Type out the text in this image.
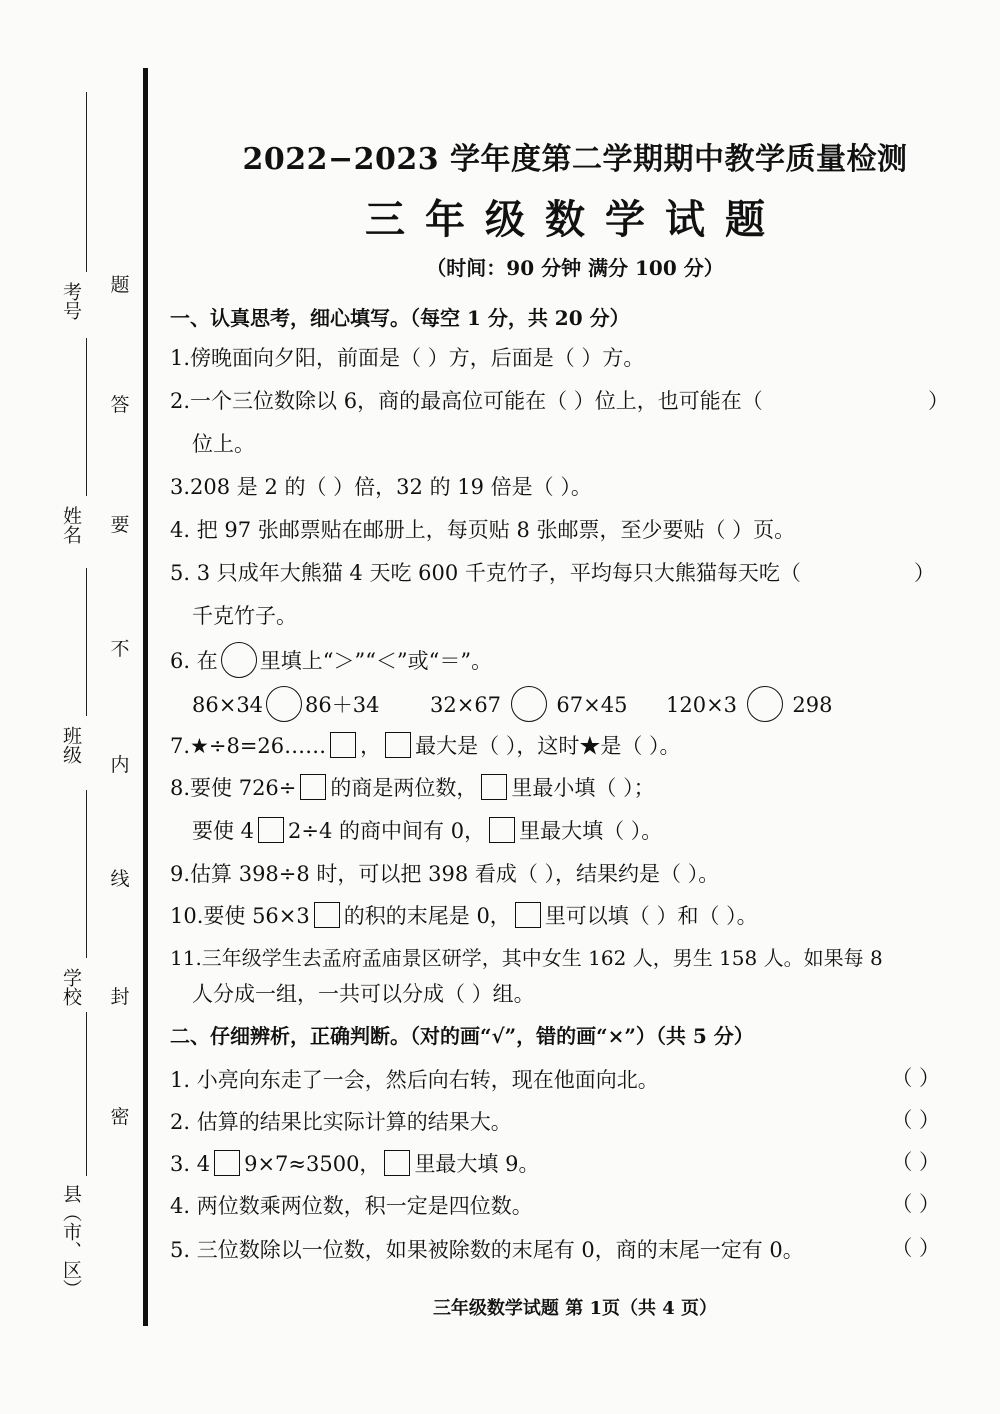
考号
姓名
班级
学校
县（市、区）
题
答
要
不
内
线
封
密
2022−2023 学年度第二学期期中教学质量检测
三年级数学试题
（时间：90 分钟 满分 100 分）
一、认真思考，细心填写。（每空 1 分，共 20 分）
1.傍晚面向夕阳，前面是（ ）方，后面是（ ）方。
2.一个三位数除以 6，商的最高位可能在（ ）位上，也可能在（	）
位上。
3.208 是 2 的（ ）倍，32 的 19 倍是（ ）。
4. 把 97 张邮票贴在邮册上，每页贴 8 张邮票，至少要贴（ ）页。
5. 3 只成年大熊猫 4 天吃 600 千克竹子，平均每只大熊猫每天吃（	）
千克竹子。
6. 在 里填上“＞”“＜”或“＝”。
86×34 86＋34 32×67	67×45 120×3	298
7.★÷8=26…… ， 最大是（ ），这时★是（ ）。
8.要使 726÷ 的商是两位数， 里最小填（ ）；
要使 4 2÷4 的商中间有 0， 里最大填（ ）。
9.估算 398÷8 时，可以把 398 看成（ ），结果约是（ ）。
10.要使 56×3 的积的末尾是 0， 里可以填（ ）和（ ）。
11.三年级学生去孟府孟庙景区研学，其中女生 162 人，男生 158 人。如果每 8
人分成一组，一共可以分成（ ）组。
二、仔细辨析，正确判断。（对的画“√”，错的画“×”）（共 5 分）
1. 小亮向东走了一会，然后向右转，现在他面向北。	（ ）
2. 估算的结果比实际计算的结果大。	（ ）
3. 4 9×7≈3500， 里最大填 9。	（ ）
4. 两位数乘两位数，积一定是四位数。	（ ）
5. 三位数除以一位数，如果被除数的末尾有 0，商的末尾一定有 0。	（ ）
三年级数学试题 第 1页（共 4 页）
